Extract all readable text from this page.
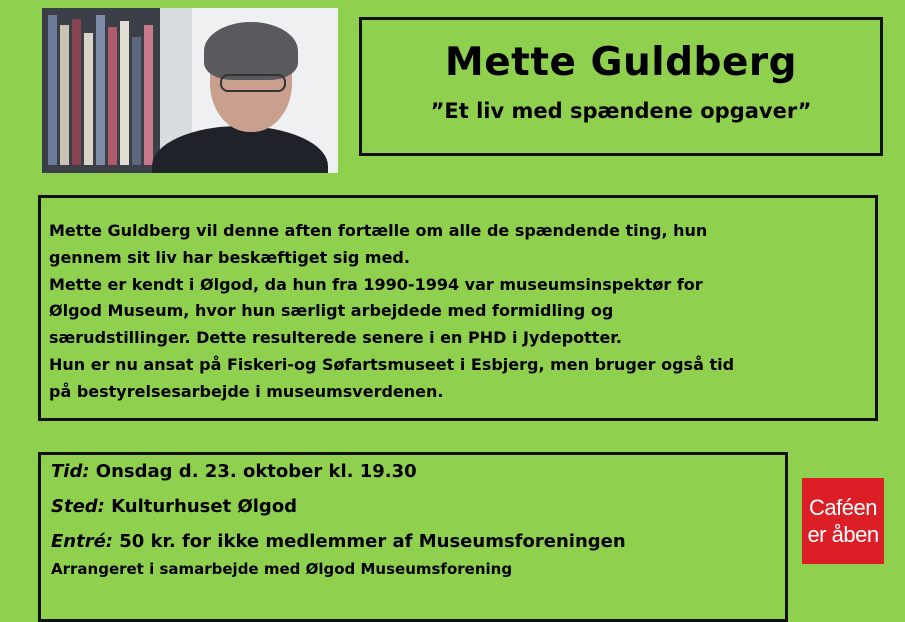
Mette Guldberg
”Et liv med spændene opgaver”

Mette Guldberg vil denne aften fortælle om alle de spændende ting, hun

gennem sit liv har beskæftiget sig med.

Mette er kendt i Ølgod, da hun fra 1990-1994 var museumsinspektør for

Ølgod Museum, hvor hun særligt arbejdede med formidling og

særudstillinger. Dette resulterede senere i en PHD i Jydepotter.

Hun er nu ansat på Fiskeri-og Søfartsmuseet i Esbjerg, men bruger også tid

på bestyrelsesarbejde i museumsverdenen.

Tid: Onsdag d. 23. oktober kl. 19.30
Sted: Kulturhuset Ølgod
Entré: 50 kr. for ikke medlemmer af Museumsforeningen
Arrangeret i samarbejde med Ølgod Museumsforening
Caféen
er åben
